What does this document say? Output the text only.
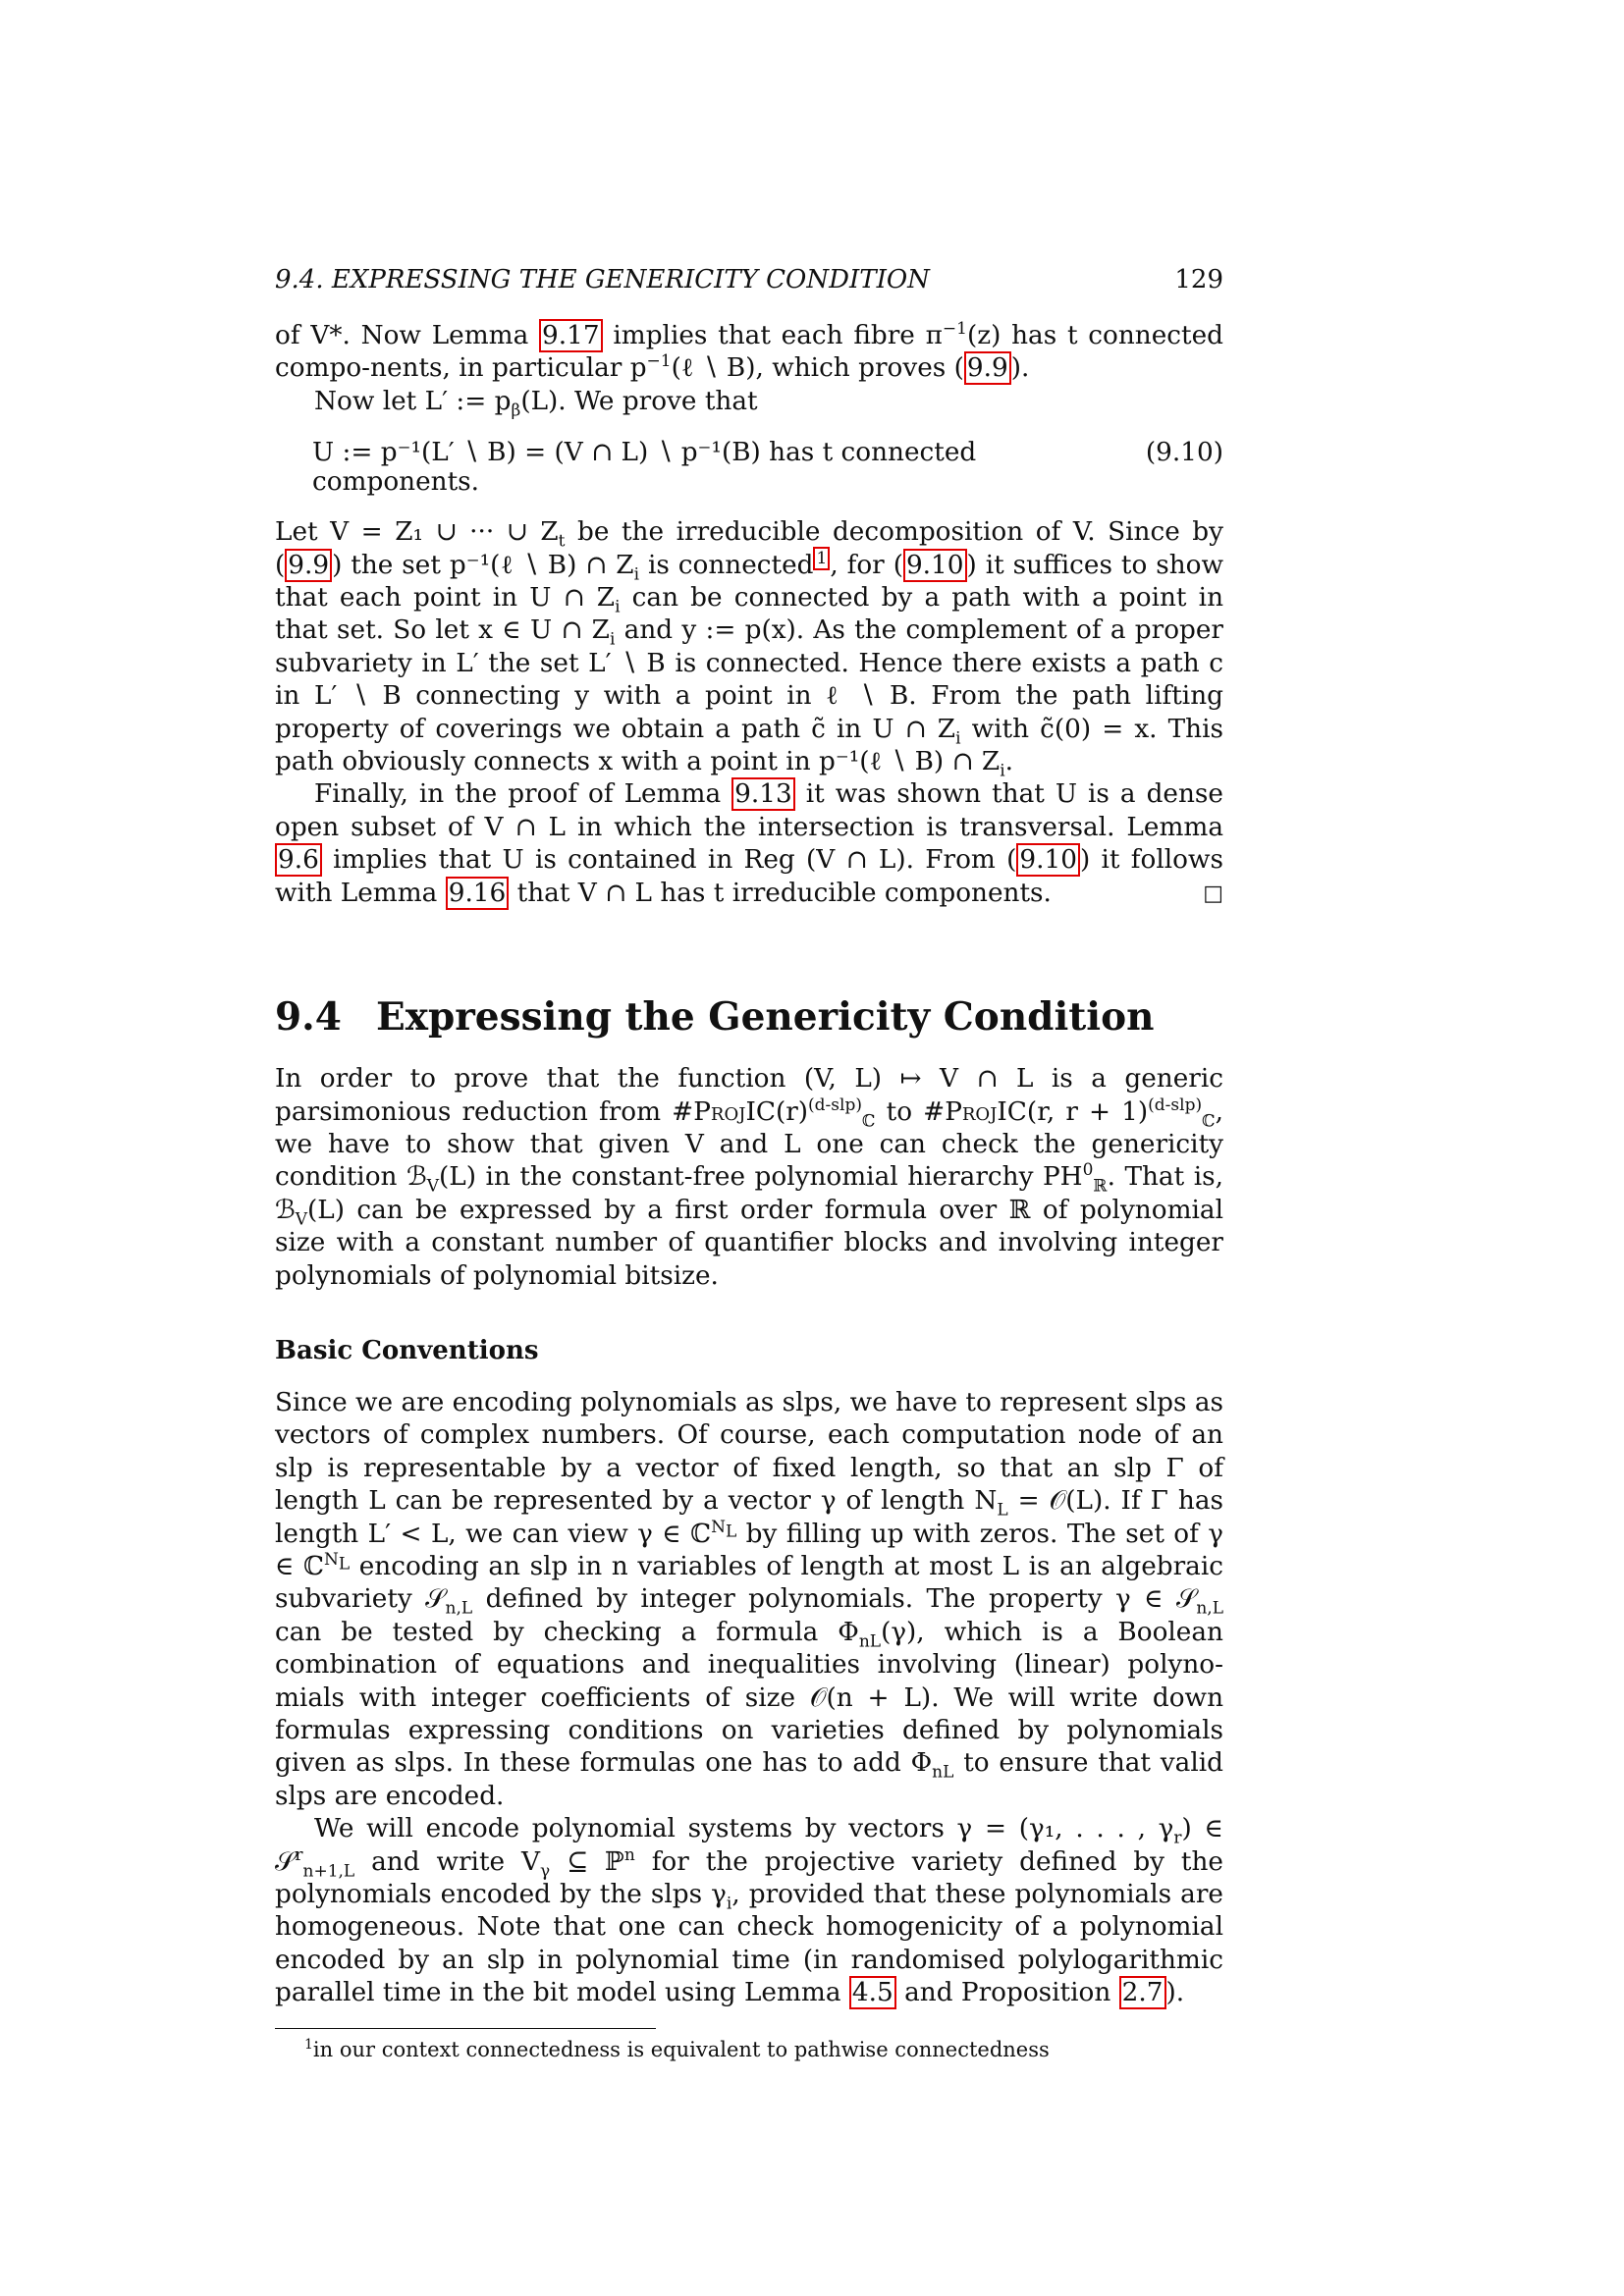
9.4. EXPRESSING THE GENERICITY CONDITION	129

of V*. Now Lemma 9.17 implies that each fibre $\pi^{-1}(z)$ has t connected compo-nents, in particular $p^{-1}(\ell$ ∖ B), which proves ( 9.9 ).

Now let L′ := $p_\beta(L)$. We prove that

U := p⁻¹(L′ ∖ B) = (V ∩ L) ∖ p⁻¹(B) has t connected components.
(9.10)

Let V = Z₁ ∪ ··· ∪ $Z_t$ be the irreducible decomposition of V. Since by ( 9.9 ) the set p⁻¹(ℓ ∖ B) ∩ $Z_i$ is connected $^1$ , for ( 9.10 ) it suffices to show that each point in U ∩ $Z_i$ can be connected by a path with a point in that set. So let x ∈ U ∩ $Z_i$ and y := p(x). As the complement of a proper subvariety in L′ the set L′ ∖ B is connected. Hence there exists a path c in L′ ∖ B connecting y with a point in ℓ ∖ B. From the path lifting property of coverings we obtain a path c̃ in U ∩ $Z_i$ with c̃(0) = x. This path obviously connects x with a point in p⁻¹(ℓ ∖ B) ∩ $Z_i$.

Finally, in the proof of Lemma 9.13 it was shown that U is a dense open subset of V ∩ L in which the intersection is transversal. Lemma 9.6 implies that U is contained in Reg (V ∩ L). From ( 9.10 ) it follows with Lemma 9.16 that V ∩ L has t irreducible components.	□

9.4 Expressing the Genericity Condition

In order to prove that the function (V, L) ↦ V ∩ L is a generic parsimonious reduction from $\#ProjIC(r)^{(d-slp)}_ℂ$ to #ProjIC(r, r + 1)$^{(d-slp)}_ℂ$, we have to show that given V and L one can check the genericity condition ℬ$_V$(L) in the constant-free polynomial hierarchy $PH^0_ℝ$. That is, ℬ$_V$(L) can be expressed by a first order formula over ℝ of polynomial size with a constant number of quantifier blocks and involving integer polynomials of polynomial bitsize.

Basic Conventions

Since we are encoding polynomials as slps, we have to represent slps as vectors of complex numbers. Of course, each computation node of an slp is representable by a vector of fixed length, so that an slp Γ of length L can be represented by a vector γ of length $N_L$ = 𝒪(L). If Γ has length L′ < L, we can view γ ∈ ℂ$^{N_L}$ by filling up with zeros. The set of γ ∈ ℂ$^{N_L}$ encoding an slp in n variables of length at most L is an algebraic subvariety 𝒮$_{n,L}$ defined by integer polynomials. The property γ ∈ 𝒮$_{n,L}$ can be tested by checking a formula $\Phi_{nL}(\gamma)$, which is a Boolean combination of equations and inequalities involving (linear) polyno-mials with integer coefficients of size 𝒪(n + L). We will write down formulas expressing conditions on varieties defined by polynomials given as slps. In these formulas one has to add $\Phi_{nL}$ to ensure that valid slps are encoded.

We will encode polynomial systems by vectors γ = (γ₁, . . . , $\gamma_r$) ∈ 𝒮$^r_{n+1,L}$ and write $V_\gamma$ ⊆ ℙ$^n$ for the projective variety defined by the polynomials encoded by the slps $\gamma_i$, provided that these polynomials are homogeneous. Note that one can check homogenicity of a polynomial encoded by an slp in polynomial time (in randomised polylogarithmic parallel time in the bit model using Lemma 4.5 and Proposition 2.7 ).

$^1$in our context connectedness is equivalent to pathwise connectedness
